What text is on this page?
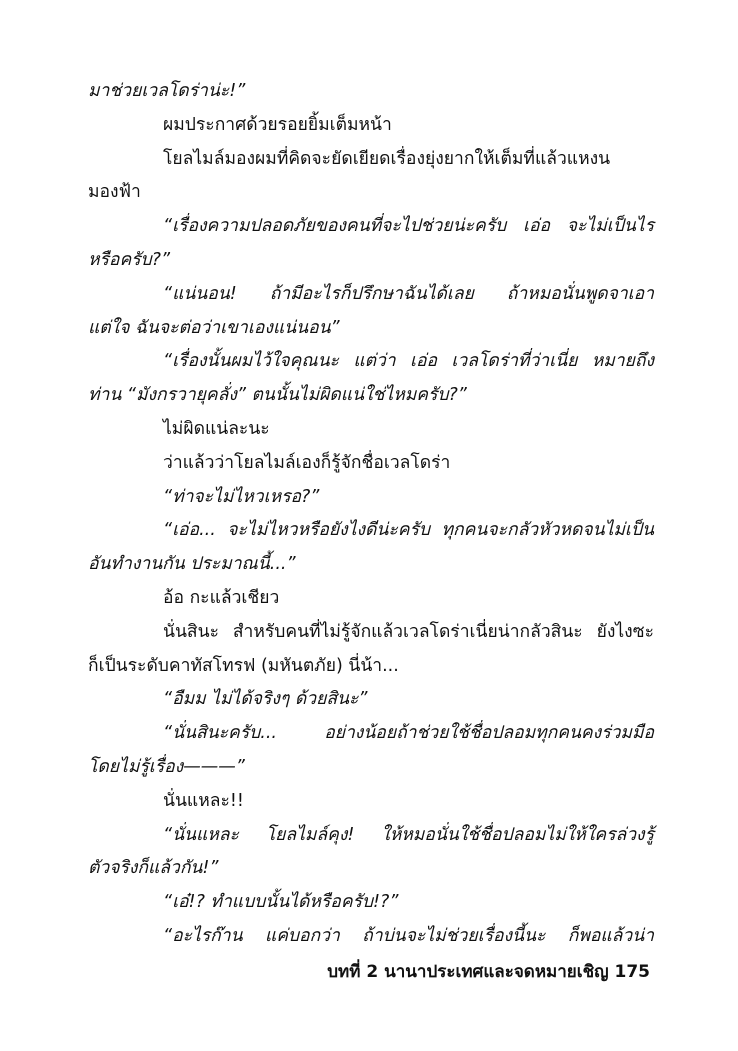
มาช่วยเวลโดร่าน่ะ!”
ผมประกาศด้วยรอยยิ้มเต็มหน้า
โยลไมล์มองผมที่คิดจะยัดเยียดเรื่องยุ่งยากให้เต็มที่แล้วแหงน
มองฟ้า
“เรื่องความปลอดภัยของคนที่จะไปช่วยน่ะครับ เอ่อ จะไม่เป็นไร
หรือครับ?”
“แน่นอน! ถ้ามีอะไรก็ปรึกษาฉันได้เลย ถ้าหมอนั่นพูดจาเอา
แต่ใจ ฉันจะต่อว่าเขาเองแน่นอน”
“เรื่องนั้นผมไว้ใจคุณนะ แต่ว่า เอ่อ เวลโดร่าที่ว่าเนี่ย หมายถึง
ท่าน “มังกรวายุคลั่ง” ตนนั้นไม่ผิดแน่ใช่ไหมครับ?”
ไม่ผิดแน่ละนะ
ว่าแล้วว่าโยลไมล์เองก็รู้จักชื่อเวลโดร่า
“ท่าจะไม่ไหวเหรอ?”
“เอ่อ... จะไม่ไหวหรือยังไงดีน่ะครับ ทุกคนจะกลัวหัวหดจนไม่เป็น
อันทำงานกัน ประมาณนี้...”
อ้อ กะแล้วเชียว
นั่นสินะ สำหรับคนที่ไม่รู้จักแล้วเวลโดร่าเนี่ยน่ากลัวสินะ ยังไงซะ
ก็เป็นระดับคาทัสโทรฟ (มหันตภัย) นี่น้า...
“อืมม ไม่ได้จริงๆ ด้วยสินะ”
“นั่นสินะครับ... อย่างน้อยถ้าช่วยใช้ชื่อปลอมทุกคนคงร่วมมือ
โดยไม่รู้เรื่อง———”
นั่นแหละ!!
“นั่นแหละ โยลไมล์คุง! ให้หมอนั่นใช้ชื่อปลอมไม่ให้ใครล่วงรู้
ตัวจริงก็แล้วกัน!”
“เอ๋!? ทำแบบนั้นได้หรือครับ!?”
“อะไรก๊าน แค่บอกว่า ถ้าบ่นจะไม่ช่วยเรื่องนี้นะ ก็พอแล้วน่า
บทที่ 2 นานาประเทศและจดหมายเชิญ 175
